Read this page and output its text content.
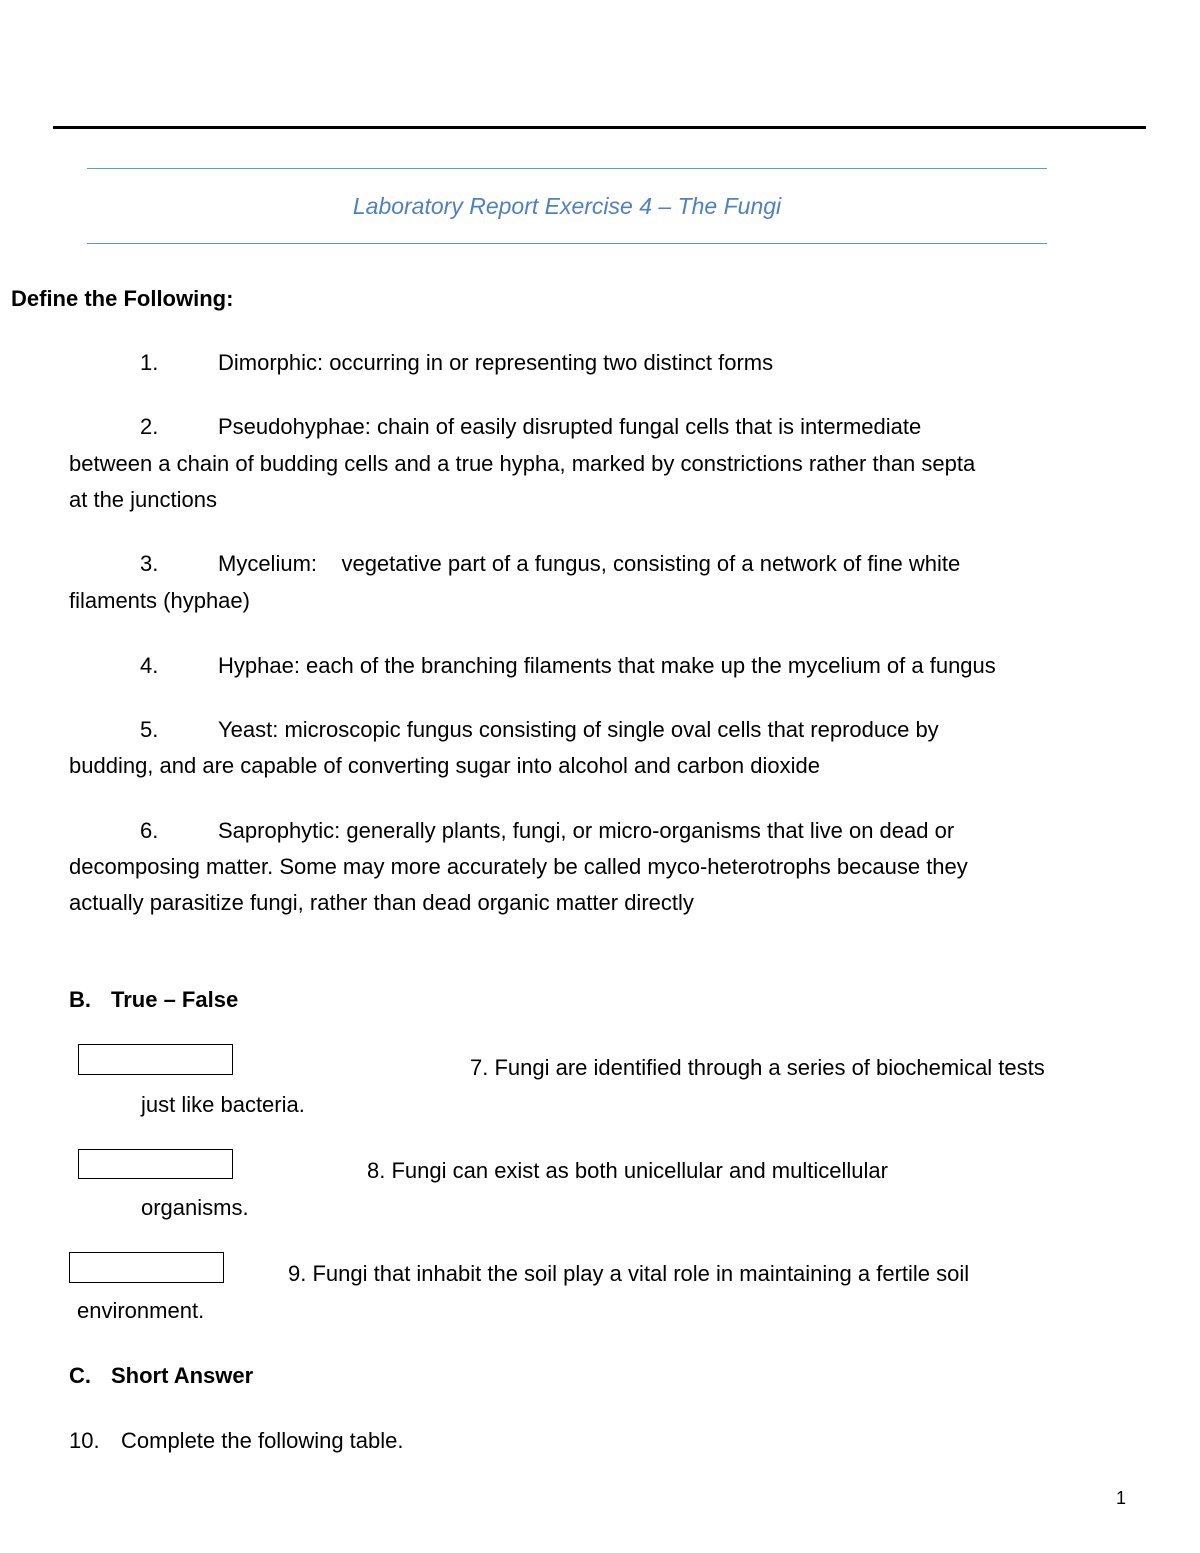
Laboratory Report Exercise 4 – The Fungi
Define the Following:
1.	Dimorphic: occurring in or representing two distinct forms
2.	Pseudohyphae: chain of easily disrupted fungal cells that is intermediate
between a chain of budding cells and a true hypha, marked by constrictions rather than septa
at the junctions
3.	Mycelium:    vegetative part of a fungus, consisting of a network of fine white
filaments (hyphae)
4.	Hyphae: each of the branching filaments that make up the mycelium of a fungus
5.	Yeast: microscopic fungus consisting of single oval cells that reproduce by
budding, and are capable of converting sugar into alcohol and carbon dioxide
6.	Saprophytic: generally plants, fungi, or micro-organisms that live on dead or
decomposing matter. Some may more accurately be called myco-heterotrophs because they
actually parasitize fungi, rather than dead organic matter directly
B. True – False
7. Fungi are identified through a series of biochemical tests
just like bacteria.
8. Fungi can exist as both unicellular and multicellular
organisms.
9. Fungi that inhabit the soil play a vital role in maintaining a fertile soil
environment.
C. Short Answer
10. Complete the following table.
1
